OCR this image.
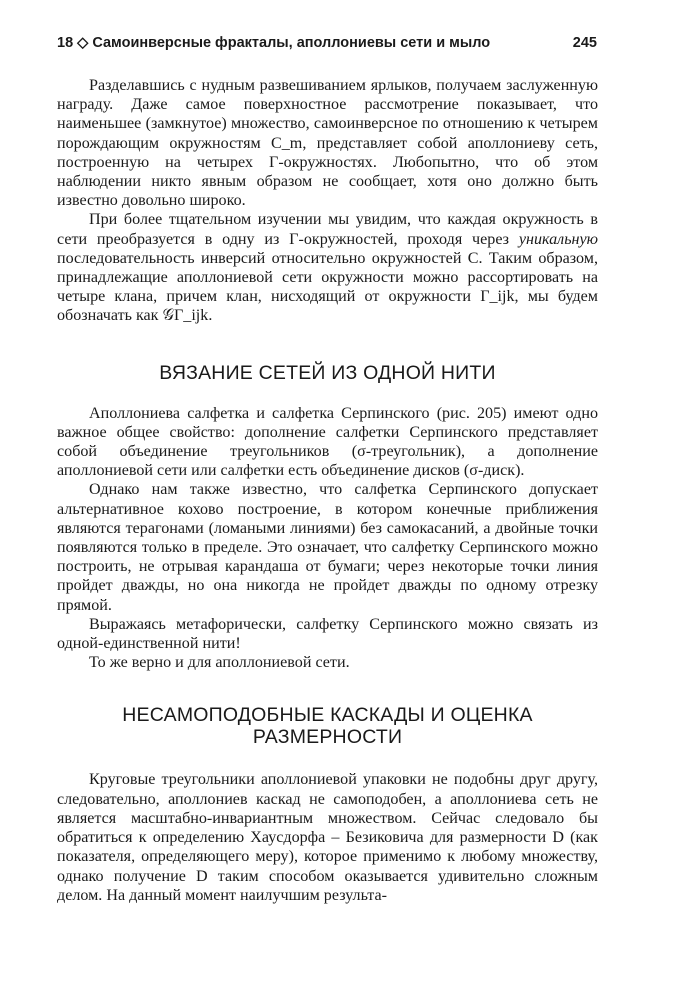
18 ◇ Самоинверсные фракталы, аполлониевы сети и мыло	245

Разделавшись с нудным развешиванием ярлыков, получаем заслуженную награду. Даже самое поверхностное рассмотрение показывает, что наименьшее (замкнутое) множество, самоинверсное по отношению к четырем порождающим окружностям C_m, представляет собой аполлониеву сеть, построенную на четырех Γ-окружностях. Любопытно, что об этом наблюдении никто явным образом не сообщает, хотя оно должно быть известно довольно широко.

При более тщательном изучении мы увидим, что каждая окружность в сети преобразуется в одну из Γ-окружностей, проходя через уникальную последовательность инверсий относительно окружностей C. Таким образом, принадлежащие аполлониевой сети окружности можно рассортировать на четыре клана, причем клан, нисходящий от окружности Γ_ijk, мы будем обозначать как 𝒢Γ_ijk.

ВЯЗАНИЕ СЕТЕЙ ИЗ ОДНОЙ НИТИ

Аполлониева салфетка и салфетка Серпинского (рис. 205) имеют одно важное общее свойство: дополнение салфетки Серпинского представляет собой объединение треугольников (σ-треугольник), а дополнение аполлониевой сети или салфетки есть объединение дисков (σ-диск).

Однако нам также известно, что салфетка Серпинского допускает альтернативное кохово построение, в котором конечные приближения являются терагонами (ломаными линиями) без самокасаний, а двойные точки появляются только в пределе. Это означает, что салфетку Серпинского можно построить, не отрывая карандаша от бумаги; через некоторые точки линия пройдет дважды, но она никогда не пройдет дважды по одному отрезку прямой.

Выражаясь метафорически, салфетку Серпинского можно связать из одной-единственной нити!

То же верно и для аполлониевой сети.

НЕСАМОПОДОБНЫЕ КАСКАДЫ И ОЦЕНКА
РАЗМЕРНОСТИ

Круговые треугольники аполлониевой упаковки не подобны друг другу, следовательно, аполлониев каскад не самоподобен, а аполлониева сеть не является масштабно-инвариантным множеством. Сейчас следовало бы обратиться к определению Хаусдорфа – Безиковича для размерности D (как показателя, определяющего меру), которое применимо к любому множеству, однако получение D таким способом оказывается удивительно сложным делом. На данный момент наилучшим результа-
